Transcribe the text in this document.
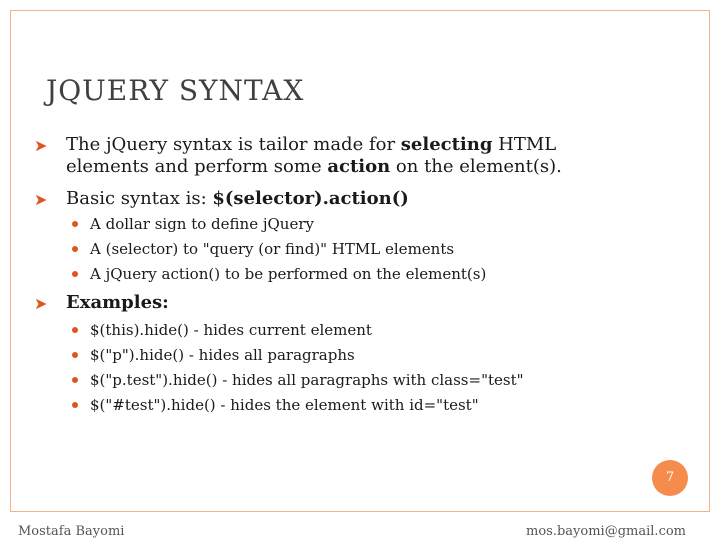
JQUERY SYNTAX
➤ The jQuery syntax is tailor made for selecting HTML elements and perform some action on the element(s).
➤ Basic syntax is: $(selector).action()
A dollar sign to define jQuery
A (selector) to "query (or find)" HTML elements
A jQuery action() to be performed on the element(s)
➤ Examples:
$(this).hide() - hides current element
$("p").hide() - hides all paragraphs
$("p.test").hide() - hides all paragraphs with class="test"
$("#test").hide() - hides the element with id="test"
7
Mostafa Bayomi	mos.bayomi@gmail.com
